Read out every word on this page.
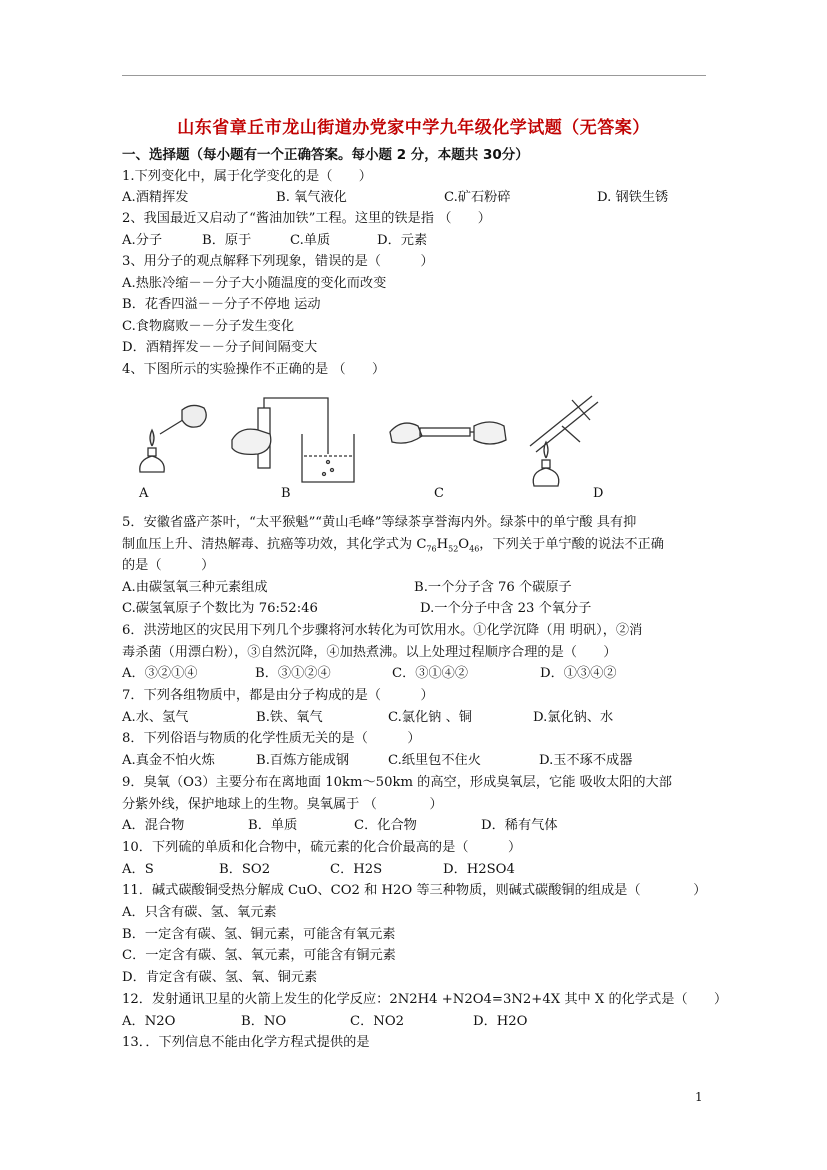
山东省章丘市龙山街道办党家中学九年级化学试题（无答案）
一、选择题（每小题有一个正确答案。每小题 2 分，本题共 30分）
1.下列变化中，属于化学变化的是（　　）
A.酒精挥发	B. 氧气液化	C.矿石粉碎	D. 钢铁生锈
2、我国最近又启动了“酱油加铁”工程。这里的铁是指 （　　）
A.分子	B．原于	C.单质	D．元素
3、用分子的观点解释下列现象，错误的是（　　　）
A.热胀冷缩－－分子大小随温度的变化而改变
B．花香四溢－－分子不停地 运动
C.食物腐败－－分子发生变化
D．酒精挥发－－分子间间隔变大
4、下图所示的实验操作不正确的是 （　　）
A	B	C	D
5．安徽省盛产茶叶，“太平猴魁”“黄山毛峰”等绿茶享誉海内外。绿茶中的单宁酸 具有抑
制血压上升、清热解毒、抗癌等功效，其化学式为 $C_{76}H_{52}O_{46}$，下列关于单宁酸的说法不正确
的是（　　　）
A.由碳氢氧三种元素组成	B.一个分子含 76 个碳原子
C.碳氢氧原子个数比为 76:52:46	D.一个分子中含 23 个氧分子
6．洪涝地区的灾民用下列几个步骤将河水转化为可饮用水。①化学沉降（用 明矾），②消
毒杀菌（用漂白粉），③自然沉降，④加热煮沸。以上处理过程顺序合理的是（　　）
A．③②①④	B．③①②④	C．③①④②	D．①③④②
7．下列各组物质中，都是由分子构成的是（　　　）
A.水、氢气	B.铁、氧气	C.氯化钠 、铜	D.氯化钠、水
8．下列俗语与物质的化学性质无关的是（　　　）
A.真金不怕火炼	B.百炼方能成钢	C.纸里包不住火	D.玉不琢不成器
9．臭氧（O3）主要分布在离地面 10km～50km 的高空，形成臭氧层，它能 吸收太阳的大部
分紫外线，保护地球上的生物。臭氧属于 （　　　　）
A．混合物	B．单质	C．化合物	D．稀有气体
10．下列硫的单质和化合物中，硫元素的化合价最高的是（　　　）
A．S	B．SO2	C．H2S	D．H2SO4
11．碱式碳酸铜受热分解成 CuO、CO2 和 H2O 等三种物质，则碱式碳酸铜的组成是（　　　　）
A．只含有碳、氢、氧元素
B．一定含有碳、氢、铜元素，可能含有氧元素
C．一定含有碳、氢、氧元素，可能含有铜元素
D．肯定含有碳、氢、氧、铜元素
12．发射通讯卫星的火箭上发生的化学反应：2N2H4 +N2O4=3N2+4X 其中 X 的化学式是（　　）
A．N2O	B．NO	C．NO2	D．H2O
13．．下列信息不能由化学方程式提供的是
1
